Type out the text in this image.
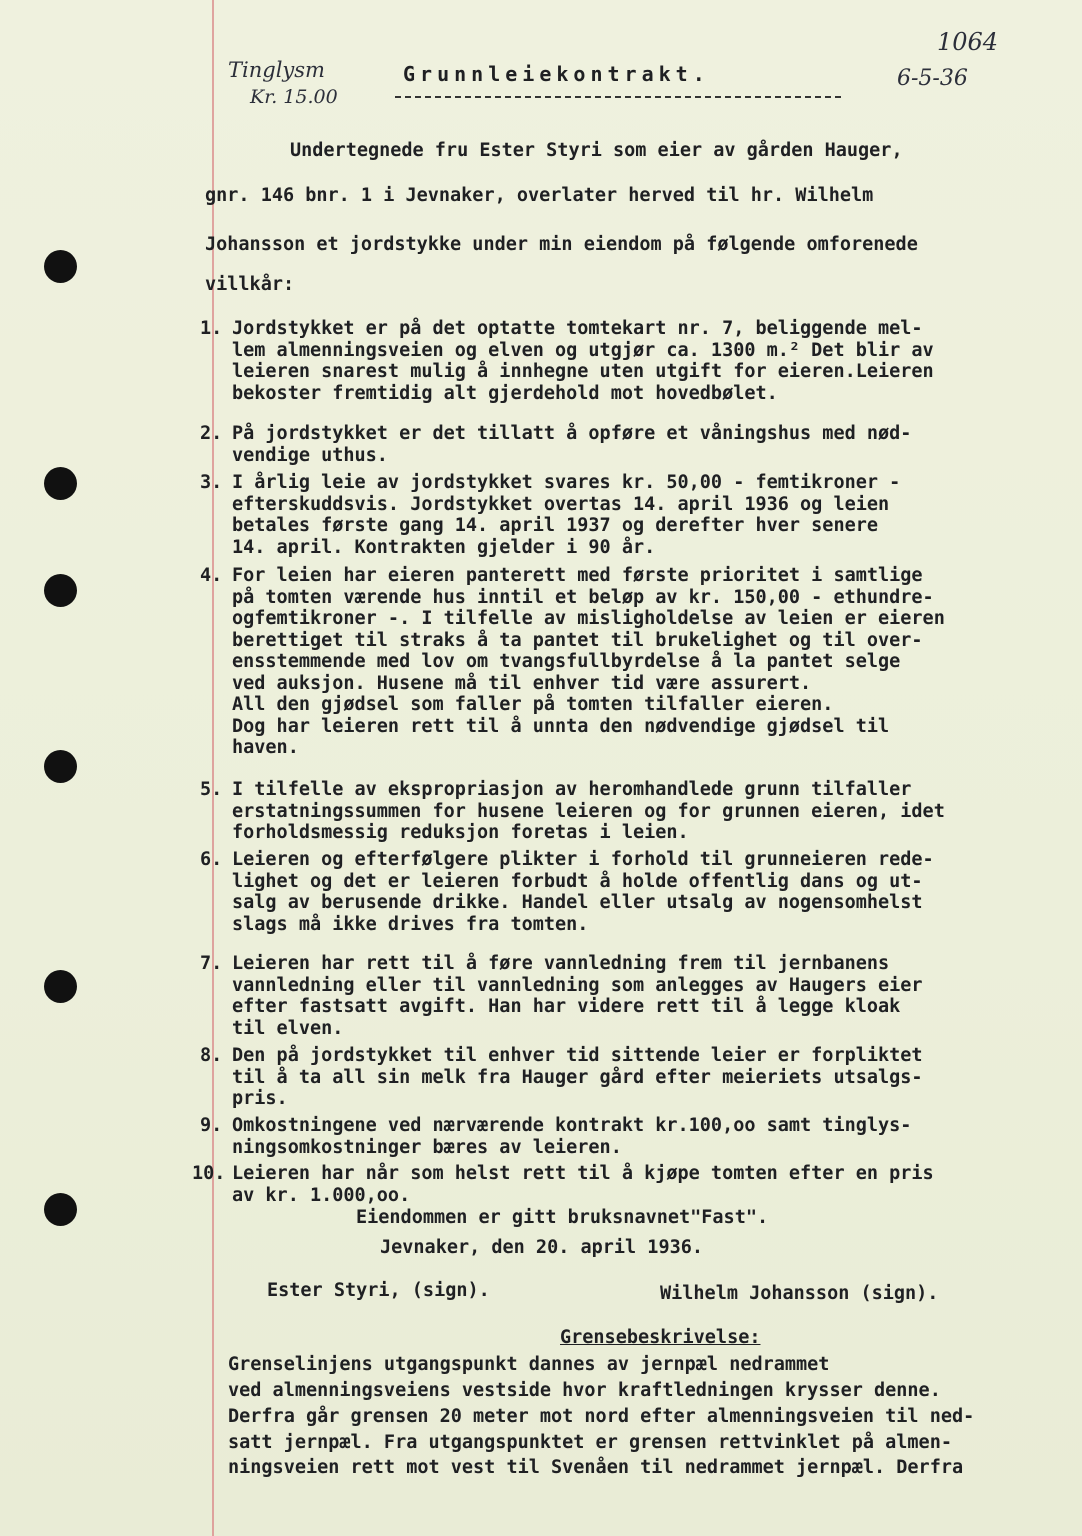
Tinglysm
Kr. 15.00
1064
6-5-36
Grunnleiekontrakt.
Undertegnede fru Ester Styri som eier av gården Hauger,
gnr. 146 bnr. 1 i Jevnaker, overlater herved til hr. Wilhelm
Johansson et jordstykke under min eiendom på følgende omforenede
villkår:
1. Jordstykket er på det optatte tomtekart nr. 7, beliggende mel-
lem almenningsveien og elven og utgjør ca. 1300 m.² Det blir av
leieren snarest mulig å innhegne uten utgift for eieren.Leieren
bekoster fremtidig alt gjerdehold mot hovedbølet.
2. På jordstykket er det tillatt å opføre et våningshus med nød-
vendige uthus.
3. I årlig leie av jordstykket svares kr. 50,00 - femtikroner -
efterskuddsvis. Jordstykket overtas 14. april 1936 og leien
betales første gang 14. april 1937 og derefter hver senere
14. april. Kontrakten gjelder i 90 år.
4. For leien har eieren panterett med første prioritet i samtlige
på tomten værende hus inntil et beløp av kr. 150,00 - ethundre-
ogfemtikroner -. I tilfelle av misligholdelse av leien er eieren
berettiget til straks å ta pantet til brukelighet og til over-
ensstemmende med lov om tvangsfullbyrdelse å la pantet selge
ved auksjon. Husene må til enhver tid være assurert.
All den gjødsel som faller på tomten tilfaller eieren.
Dog har leieren rett til å unnta den nødvendige gjødsel til
haven.
5. I tilfelle av ekspropriasjon av heromhandlede grunn tilfaller
erstatningssummen for husene leieren og for grunnen eieren, idet
forholdsmessig reduksjon foretas i leien.
6. Leieren og efterfølgere plikter i forhold til grunneieren rede-
lighet og det er leieren forbudt å holde offentlig dans og ut-
salg av berusende drikke. Handel eller utsalg av nogensomhelst
slags må ikke drives fra tomten.
7. Leieren har rett til å føre vannledning frem til jernbanens
vannledning eller til vannledning som anlegges av Haugers eier
efter fastsatt avgift. Han har videre rett til å legge kloak
til elven.
8. Den på jordstykket til enhver tid sittende leier er forpliktet
til å ta all sin melk fra Hauger gård efter meieriets utsalgs-
pris.
9. Omkostningene ved nærværende kontrakt kr.100,oo samt tinglys-
ningsomkostninger bæres av leieren.
10. Leieren har når som helst rett til å kjøpe tomten efter en pris
av kr. 1.000,oo.
Eiendommen er gitt bruksnavnet"Fast".
Jevnaker, den 20. april 1936.
Ester Styri, (sign).	Wilhelm Johansson (sign).
Grensebeskrivelse:
Grenselinjens utgangspunkt dannes av jernpæl nedrammet
ved almenningsveiens vestside hvor kraftledningen krysser denne.
Derfra går grensen 20 meter mot nord efter almenningsveien til ned-
satt jernpæl. Fra utgangspunktet er grensen rettvinklet på almen-
ningsveien rett mot vest til Svenåen til nedrammet jernpæl. Derfra
